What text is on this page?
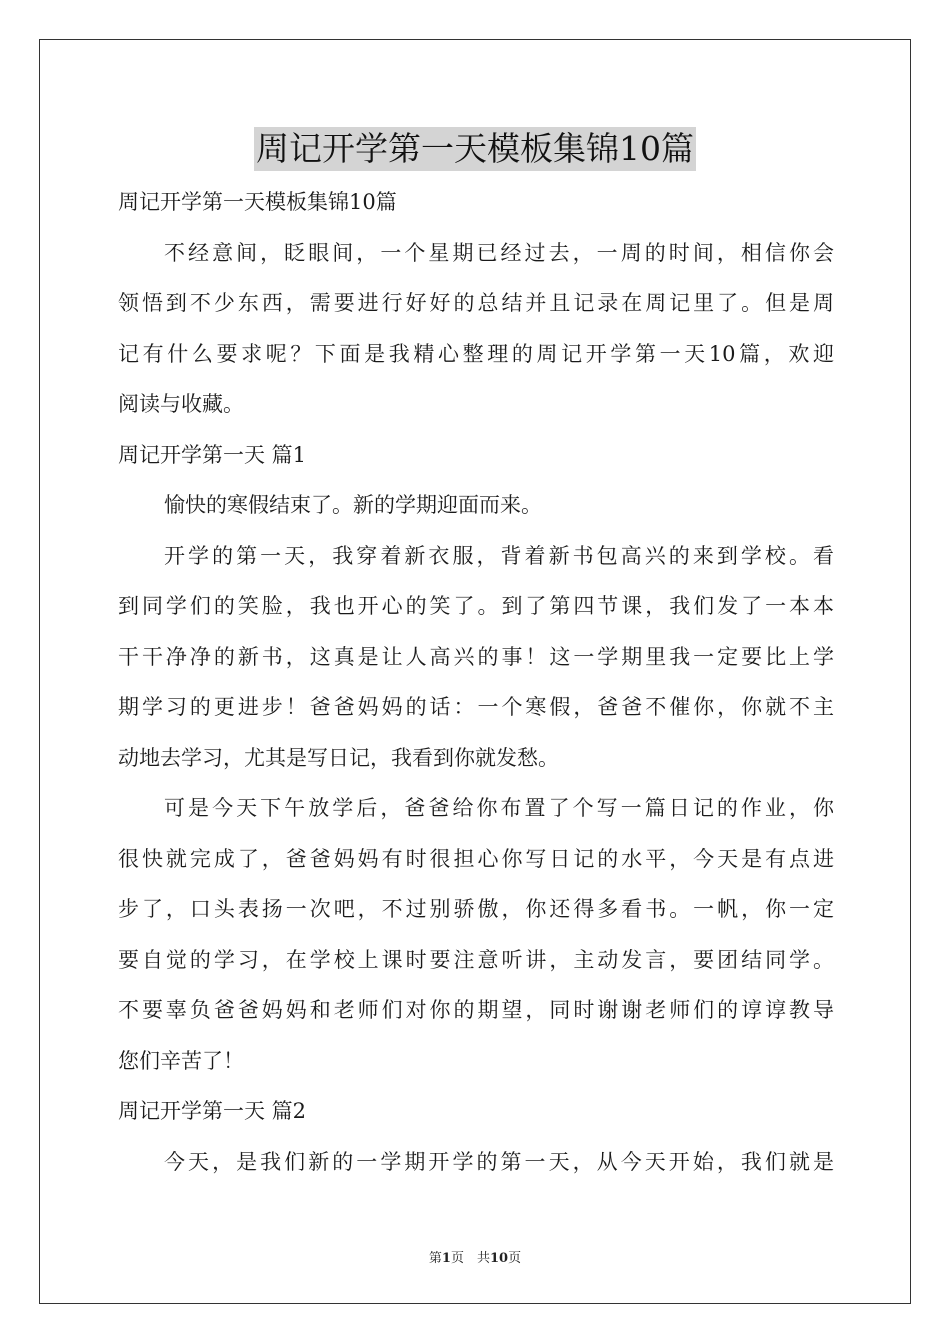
周记开学第一天模板集锦10篇
周记开学第一天模板集锦10篇
不经意间，眨眼间，一个星期已经过去，一周的时间，相信你会
领悟到不少东西，需要进行好好的总结并且记录在周记里了。但是周
记有什么要求呢？下面是我精心整理的周记开学第一天10篇，欢迎
阅读与收藏。
周记开学第一天 篇1
愉快的寒假结束了。新的学期迎面而来。
开学的第一天，我穿着新衣服，背着新书包高兴的来到学校。看
到同学们的笑脸，我也开心的笑了。到了第四节课，我们发了一本本
干干净净的新书，这真是让人高兴的事！这一学期里我一定要比上学
期学习的更进步！爸爸妈妈的话：一个寒假，爸爸不催你，你就不主
动地去学习，尤其是写日记，我看到你就发愁。
可是今天下午放学后，爸爸给你布置了个写一篇日记的作业，你
很快就完成了，爸爸妈妈有时很担心你写日记的水平，今天是有点进
步了，口头表扬一次吧，不过别骄傲，你还得多看书。一帆，你一定
要自觉的学习，在学校上课时要注意听讲，主动发言，要团结同学。
不要辜负爸爸妈妈和老师们对你的期望，同时谢谢老师们的谆谆教导
您们辛苦了！
周记开学第一天 篇2
今天，是我们新的一学期开学的第一天，从今天开始，我们就是
第1页　共10页
